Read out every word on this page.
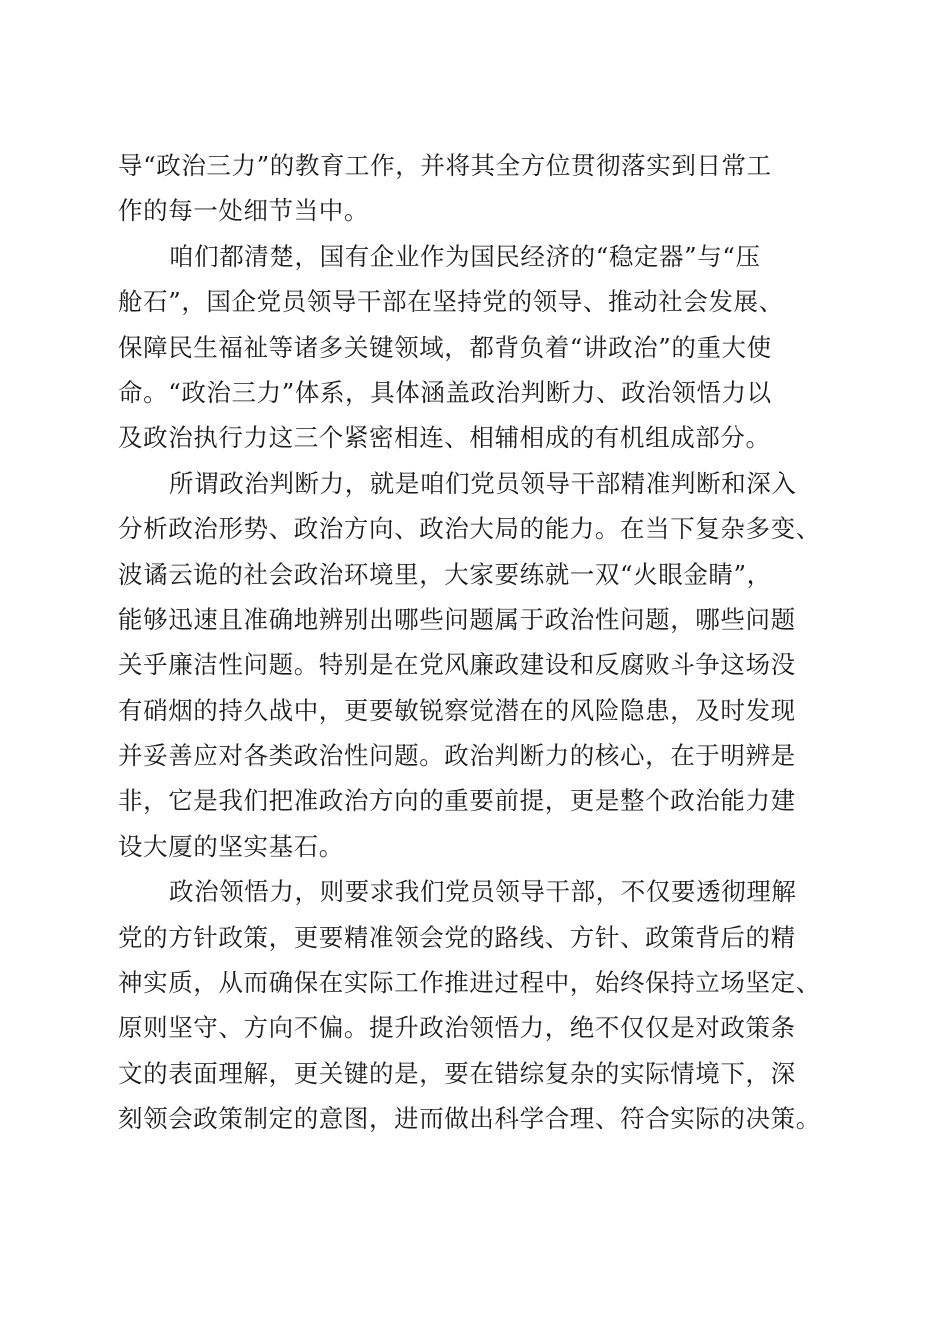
导“政治三力”的教育工作，并将其全方位贯彻落实到日常工
作的每一处细节当中。
咱们都清楚，国有企业作为国民经济的“稳定器”与“压
舱石”，国企党员领导干部在坚持党的领导、推动社会发展、
保障民生福祉等诸多关键领域，都背负着“讲政治”的重大使
命。“政治三力”体系，具体涵盖政治判断力、政治领悟力以
及政治执行力这三个紧密相连、相辅相成的有机组成部分。
所谓政治判断力，就是咱们党员领导干部精准判断和深入
分析政治形势、政治方向、政治大局的能力。在当下复杂多变、
波谲云诡的社会政治环境里，大家要练就一双“火眼金睛”，
能够迅速且准确地辨别出哪些问题属于政治性问题，哪些问题
关乎廉洁性问题。特别是在党风廉政建设和反腐败斗争这场没
有硝烟的持久战中，更要敏锐察觉潜在的风险隐患，及时发现
并妥善应对各类政治性问题。政治判断力的核心，在于明辨是
非，它是我们把准政治方向的重要前提，更是整个政治能力建
设大厦的坚实基石。
政治领悟力，则要求我们党员领导干部，不仅要透彻理解
党的方针政策，更要精准领会党的路线、方针、政策背后的精
神实质，从而确保在实际工作推进过程中，始终保持立场坚定、
原则坚守、方向不偏。提升政治领悟力，绝不仅仅是对政策条
文的表面理解，更关键的是，要在错综复杂的实际情境下，深
刻领会政策制定的意图，进而做出科学合理、符合实际的决策。
